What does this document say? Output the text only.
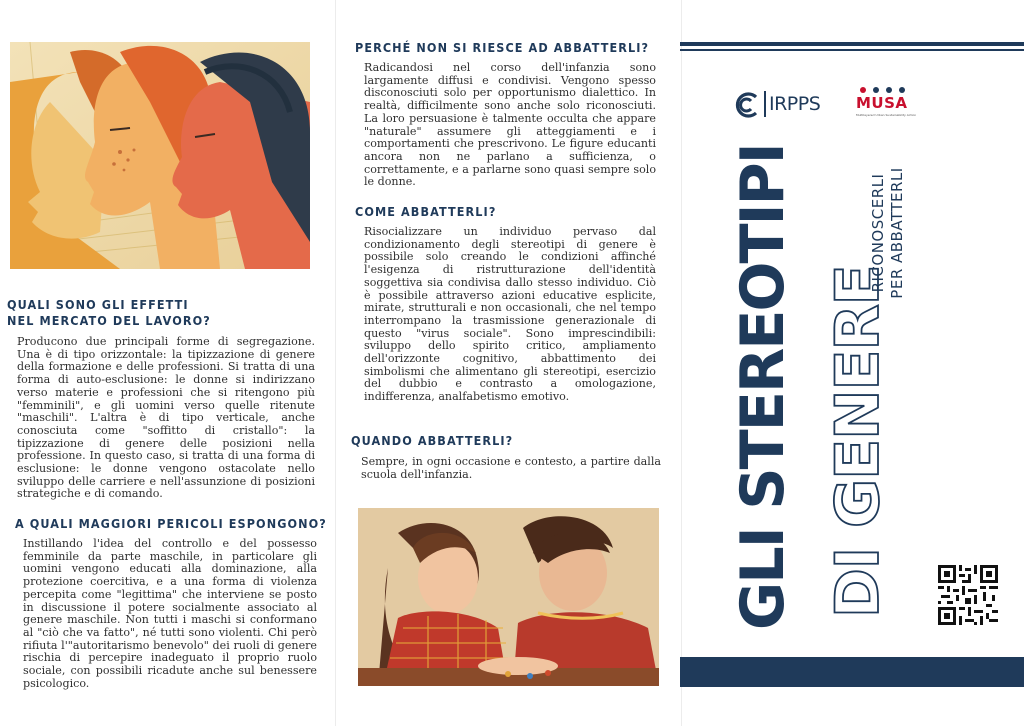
QUALI SONO GLI EFFETTI
NEL MERCATO DEL LAVORO?

Producono due principali forme di segregazione. Una è di tipo orizzontale: la tipizzazione di genere della formazione e delle professioni. Si tratta di una forma di auto-esclusione: le donne si indirizzano verso materie e professioni che si ritengono più "femminili", e gli uomini verso quelle ritenute "maschili". L'altra è di tipo verticale, anche conosciuta come "soffitto di cristallo": la tipizzazione di genere delle posizioni nella professione. In questo caso, si tratta di una forma di esclusione: le donne vengono ostacolate nello sviluppo delle carriere e nell'assunzione di posizioni strategiche e di comando.

A QUALI MAGGIORI PERICOLI ESPONGONO?

Instillando l'idea del controllo e del possesso femminile da parte maschile, in particolare gli uomini vengono educati alla dominazione, alla protezione coercitiva, e a una forma di violenza percepita come "legittima" che interviene se posto in discussione il potere socialmente associato al genere maschile. Non tutti i maschi si conformano al "ciò che va fatto", né tutti sono violenti. Chi però rifiuta l'"autoritarismo benevolo" dei ruoli di genere rischia di percepire inadeguato il proprio ruolo sociale, con possibili ricadute anche sul benessere psicologico.

PERCHÉ NON SI RIESCE AD ABBATTERLI?

Radicandosi nel corso dell'infanzia sono largamente diffusi e condivisi. Vengono spesso disconosciuti solo per opportunismo dialettico. In realtà, difficilmente sono anche solo riconosciuti. La loro persuasione è talmente occulta che appare "naturale" assumere gli atteggiamenti e i comportamenti che prescrivono. Le figure educanti ancora non ne parlano a sufficienza, o correttamente, e a parlarne sono quasi sempre solo le donne.

COME ABBATTERLI?

Risocializzare un individuo pervaso dal condizionamento degli stereotipi di genere è possibile solo creando le condizioni affinché l'esigenza di ristrutturazione dell'identità soggettiva sia condivisa dallo stesso individuo. Ciò è possibile attraverso azioni educative esplicite, mirate, strutturali e non occasionali, che nel tempo interrompano la trasmissione generazionale di questo "virus sociale". Sono imprescindibili: sviluppo dello spirito critico, ampliamento dell'orizzonte cognitivo, abbattimento dei simbolismi che alimentano gli stereotipi, esercizio del dubbio e contrasto a omologazione, indifferenza, analfabetismo emotivo.

QUANDO ABBATTERLI?

Sempre, in ogni occasione e contesto, a partire dalla scuola dell'infanzia.

IRPPS MUSA
Multilayered Urban Sustainability Action
GLI STEREOTIPI DI GENERE
RICONOSCERLI PER ABBATTERLI
